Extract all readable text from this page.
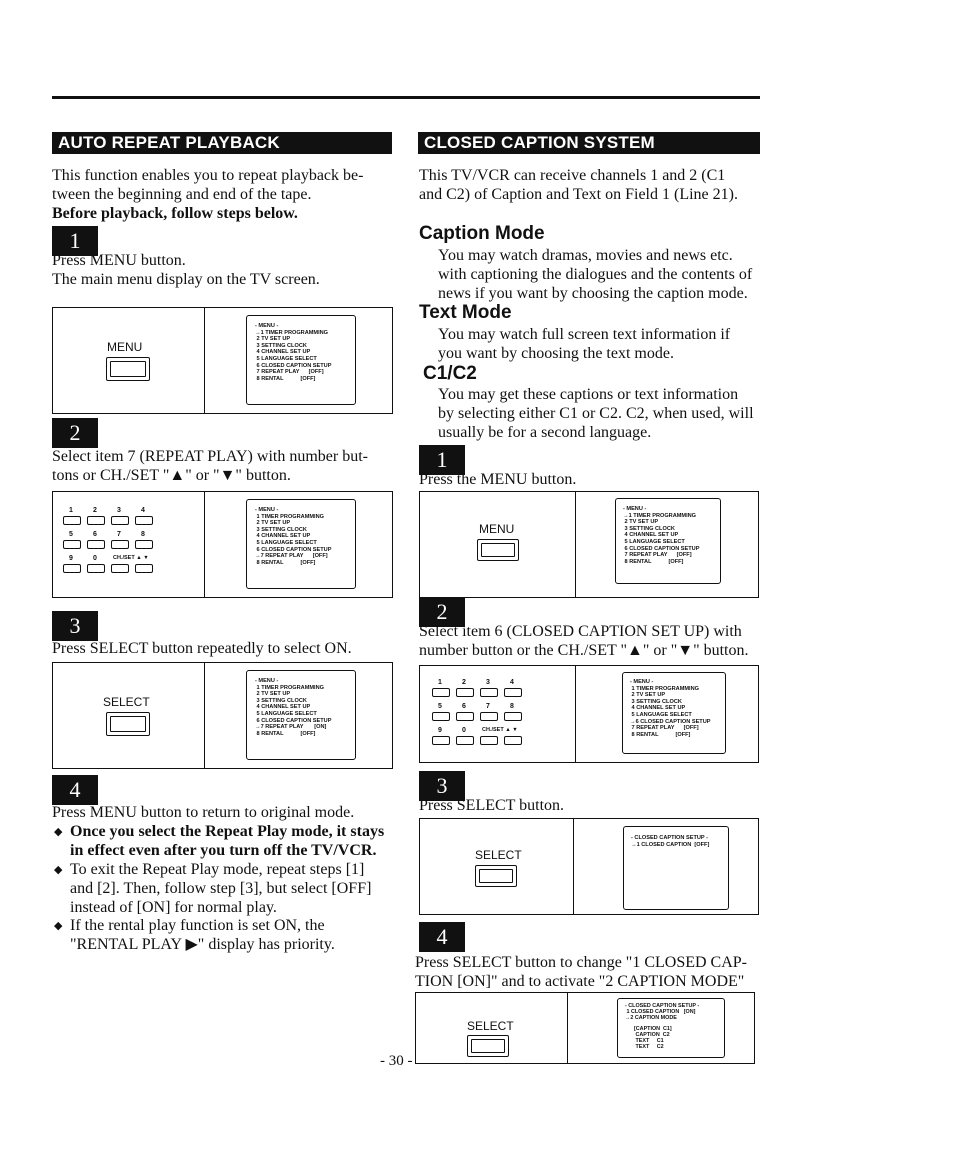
AUTO REPEAT PLAYBACK
This function enables you to repeat playback be-
tween the beginning and end of the tape.
Before playback, follow steps below.
1
Press MENU button.
The main menu display on the TV screen.
MENU
- MENU -
→1 TIMER PROGRAMMING
2 TV SET UP
3 SETTING CLOCK
4 CHANNEL SET UP
5 LANGUAGE SELECT
6 CLOSED CAPTION SETUP
7 REPEAT PLAY      [OFF]
8 RENTAL           [OFF]
2
Select item 7 (REPEAT PLAY) with number but-
tons or CH./SET "▲" or "▼" button.
1	2	3	4
5	6	7	8
9	0	CH./SET ▲ ▼
- MENU -
1 TIMER PROGRAMMING
2 TV SET UP
3 SETTING CLOCK
4 CHANNEL SET UP
5 LANGUAGE SELECT
6 CLOSED CAPTION SETUP
→7 REPEAT PLAY      [OFF]
8 RENTAL           [OFF]
3
Press SELECT button repeatedly to select ON.
SELECT
- MENU -
1 TIMER PROGRAMMING
2 TV SET UP
3 SETTING CLOCK
4 CHANNEL SET UP
5 LANGUAGE SELECT
6 CLOSED CAPTION SETUP
→7 REPEAT PLAY       [ON]
8 RENTAL           [OFF]
4
Press MENU button to return to original mode.
◆ Once you select the Repeat Play mode, it stays
in effect even after you turn off the TV/VCR.
◆ To exit the Repeat Play mode, repeat steps [1]
and [2]. Then, follow step [3], but select [OFF]
instead of [ON] for normal play.
◆ If the rental play function is set ON, the
"RENTAL PLAY ▶" display has priority.
CLOSED CAPTION SYSTEM
This TV/VCR can receive channels 1 and 2 (C1
and C2) of Caption and Text on Field 1 (Line 21).
Caption Mode
You may watch dramas, movies and news etc.
with captioning the dialogues and the contents of
news if you want by choosing the caption mode.
Text Mode
You may watch full screen text information if
you want by choosing the text mode.
C1/C2
You may get these captions or text information
by selecting either C1 or C2. C2, when used, will
usually be for a second language.
1
Press the MENU button.
MENU
- MENU -
→1 TIMER PROGRAMMING
2 TV SET UP
3 SETTING CLOCK
4 CHANNEL SET UP
5 LANGUAGE SELECT
6 CLOSED CAPTION SETUP
7 REPEAT PLAY      [OFF]
8 RENTAL           [OFF]
2
Select item 6 (CLOSED CAPTION SET UP) with
number button or the CH./SET "▲" or "▼" button.
1	2	3	4
5	6	7	8
9	0	CH./SET ▲ ▼
- MENU -
1 TIMER PROGRAMMING
2 TV SET UP
3 SETTING CLOCK
4 CHANNEL SET UP
5 LANGUAGE SELECT
→6 CLOSED CAPTION SETUP
7 REPEAT PLAY      [OFF]
8 RENTAL           [OFF]
3
Press SELECT button.
SELECT
- CLOSED CAPTION SETUP -
→1 CLOSED CAPTION  [OFF]
4
Press SELECT button to change "1 CLOSED CAP-
TION [ON]" and to activate "2 CAPTION MODE"
SELECT
- CLOSED CAPTION SETUP -
1 CLOSED CAPTION   [ON]
→2 CAPTION MODE

[CAPTION  C1]
CAPTION  C2
TEXT     C1
TEXT     C2
- 30 -
